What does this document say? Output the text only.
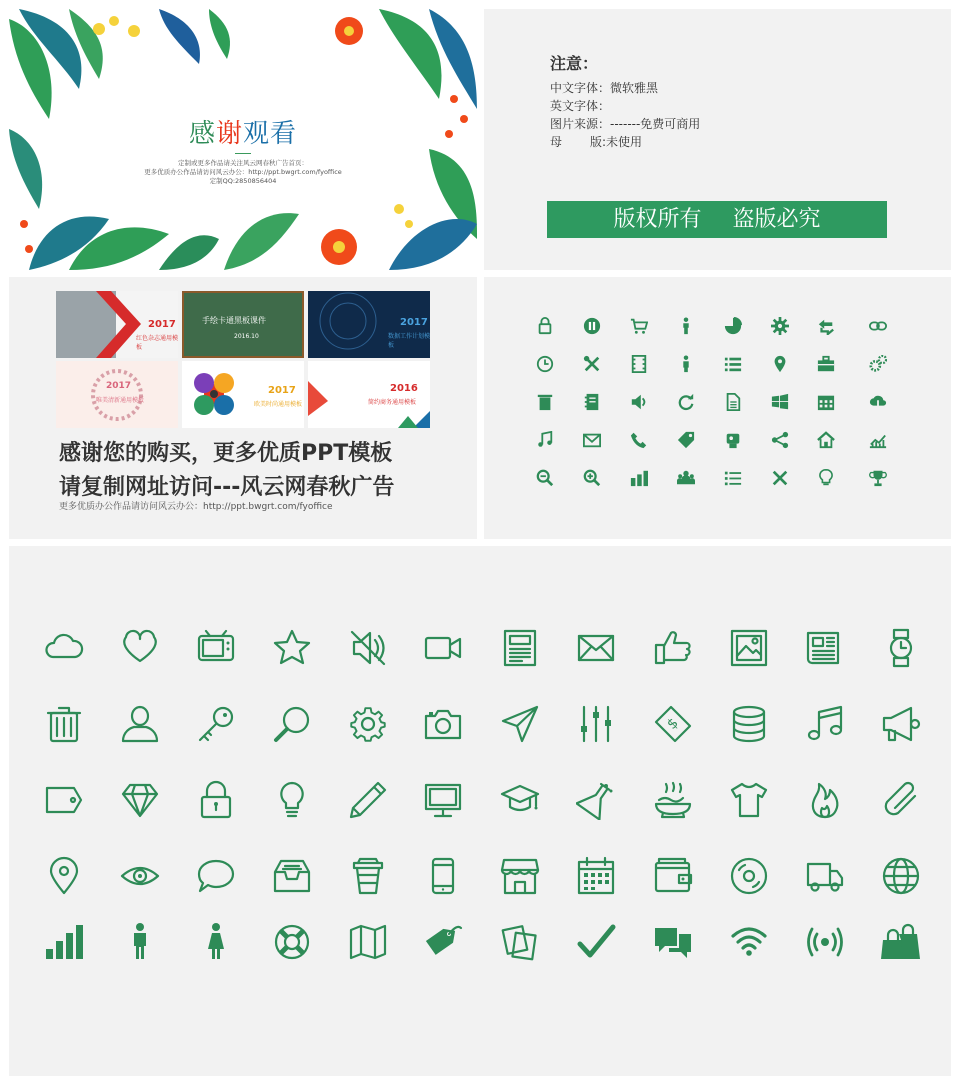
感谢观看
定制或更多作品请关注风云网春秋广告首页：
更多优质办公作品请访问风云办公：http://ppt.bwgrt.com/fyoffice
定制QQ:2850856404
注意：
中文字体：微软雅黑
英文字体：
图片来源：-------免费可商用
母 版:未使用
版权所有 盗版必究
2017
红色杂志通用模板
手绘卡通黑板课件
2016.10
2017
数据工作计划模板
2017
唯美清新通用模板
2017
欧美时尚通用模板
2016
简约商务通用模板
感谢您的购买，更多优质PPT模板
请复制网址访问---风云网春秋广告
更多优质办公作品请访问风云办公：http://ppt.bwgrt.com/fyoffice
$
